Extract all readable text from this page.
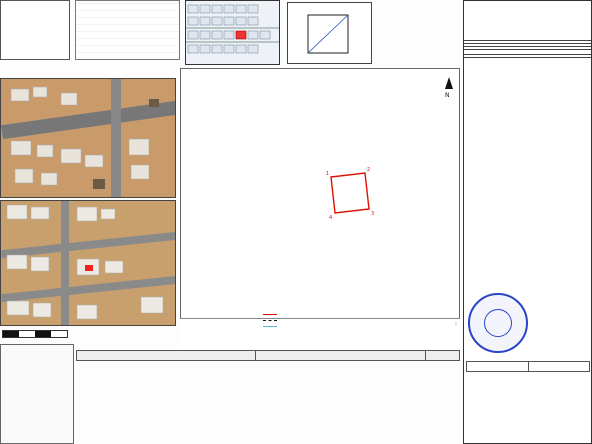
1
2
3
4
N
:
